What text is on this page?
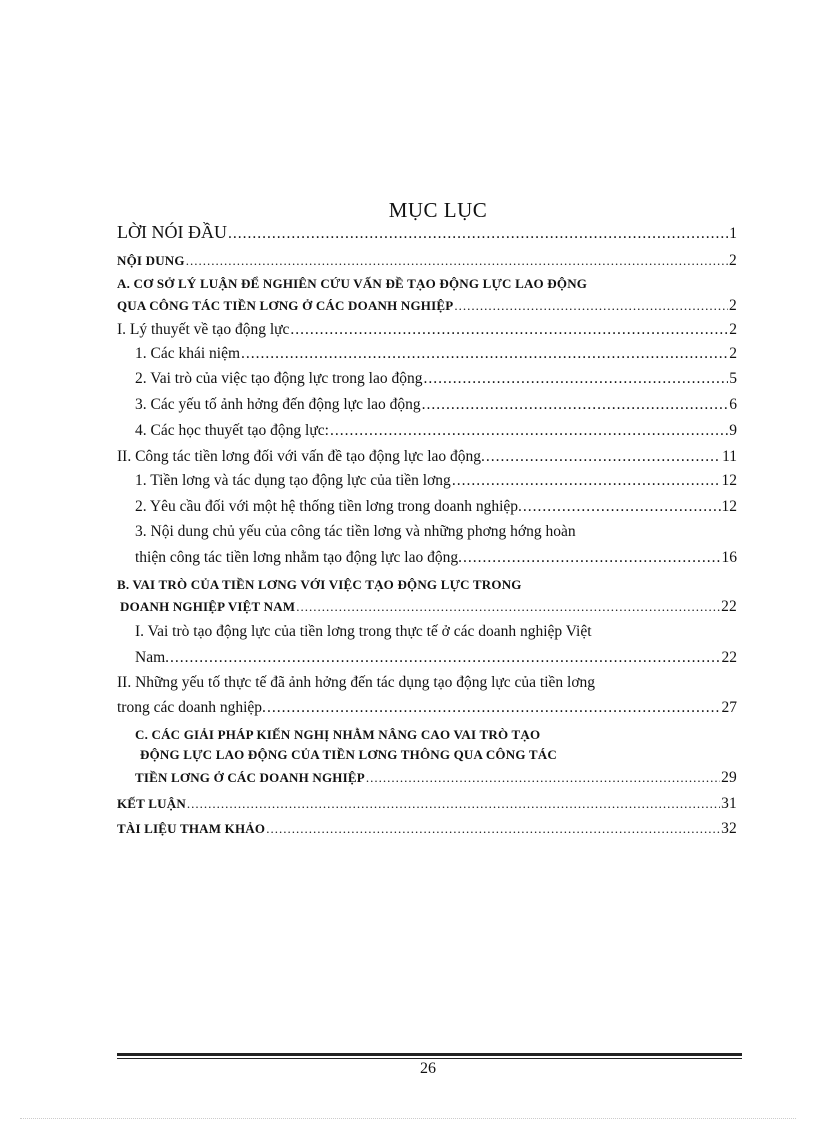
MỤC LỤC
LỜI NÓI ĐẦU .....	1
NỘI DUNG .....	2
A. CƠ SỞ LÝ LUẬN ĐỂ NGHIÊN CỨU VẤN ĐỀ TẠO ĐỘNG LỰC LAO ĐỘNG
QUA CÔNG TÁC TIỀN LƠNG Ở CÁC DOANH NGHIỆP .....	2
I. Lý thuyết về tạo động lực .....	2
1. Các khái niệm .....	2
2. Vai trò của việc tạo động lực trong lao động .....	5
3. Các yếu tố ảnh hởng đến động lực lao động .....	6
4. Các học thuyết tạo động lực: .....	9
II. Công tác tiền lơng đối với vấn đề tạo động lực lao động. .....	11
1. Tiền lơng và tác dụng tạo động lực của tiền lơng .....	12
2. Yêu cầu đối với một hệ thống tiền lơng trong doanh nghiệp. .....	12
3. Nội dung chủ yếu của công tác tiền lơng và những phơng hớng hoàn
thiện công tác tiền lơng nhằm tạo động lực lao động. .....	16
B. VAI TRÒ CỦA TIỀN LƠNG VỚI VIỆC TẠO ĐỘNG LỰC TRONG
DOANH NGHIỆP VIỆT NAM .....	22
I. Vai trò tạo động lực của tiền lơng trong thực tế ở các doanh nghiệp Việt
Nam. .....	22
II. Những yếu tố thực tế đã ảnh hởng đến tác dụng tạo động lực của tiền lơng
trong các doanh nghiệp. .....	27
C. CÁC GIẢI PHÁP KIẾN NGHỊ NHẰM NÂNG CAO VAI TRÒ TẠO
ĐỘNG LỰC LAO ĐỘNG CỦA TIỀN LƠNG THÔNG QUA CÔNG TÁC
TIỀN LƠNG Ở CÁC DOANH NGHIỆP .....	29
KẾT LUẬN .....	31
TÀI LIỆU THAM KHẢO .....	32
26
